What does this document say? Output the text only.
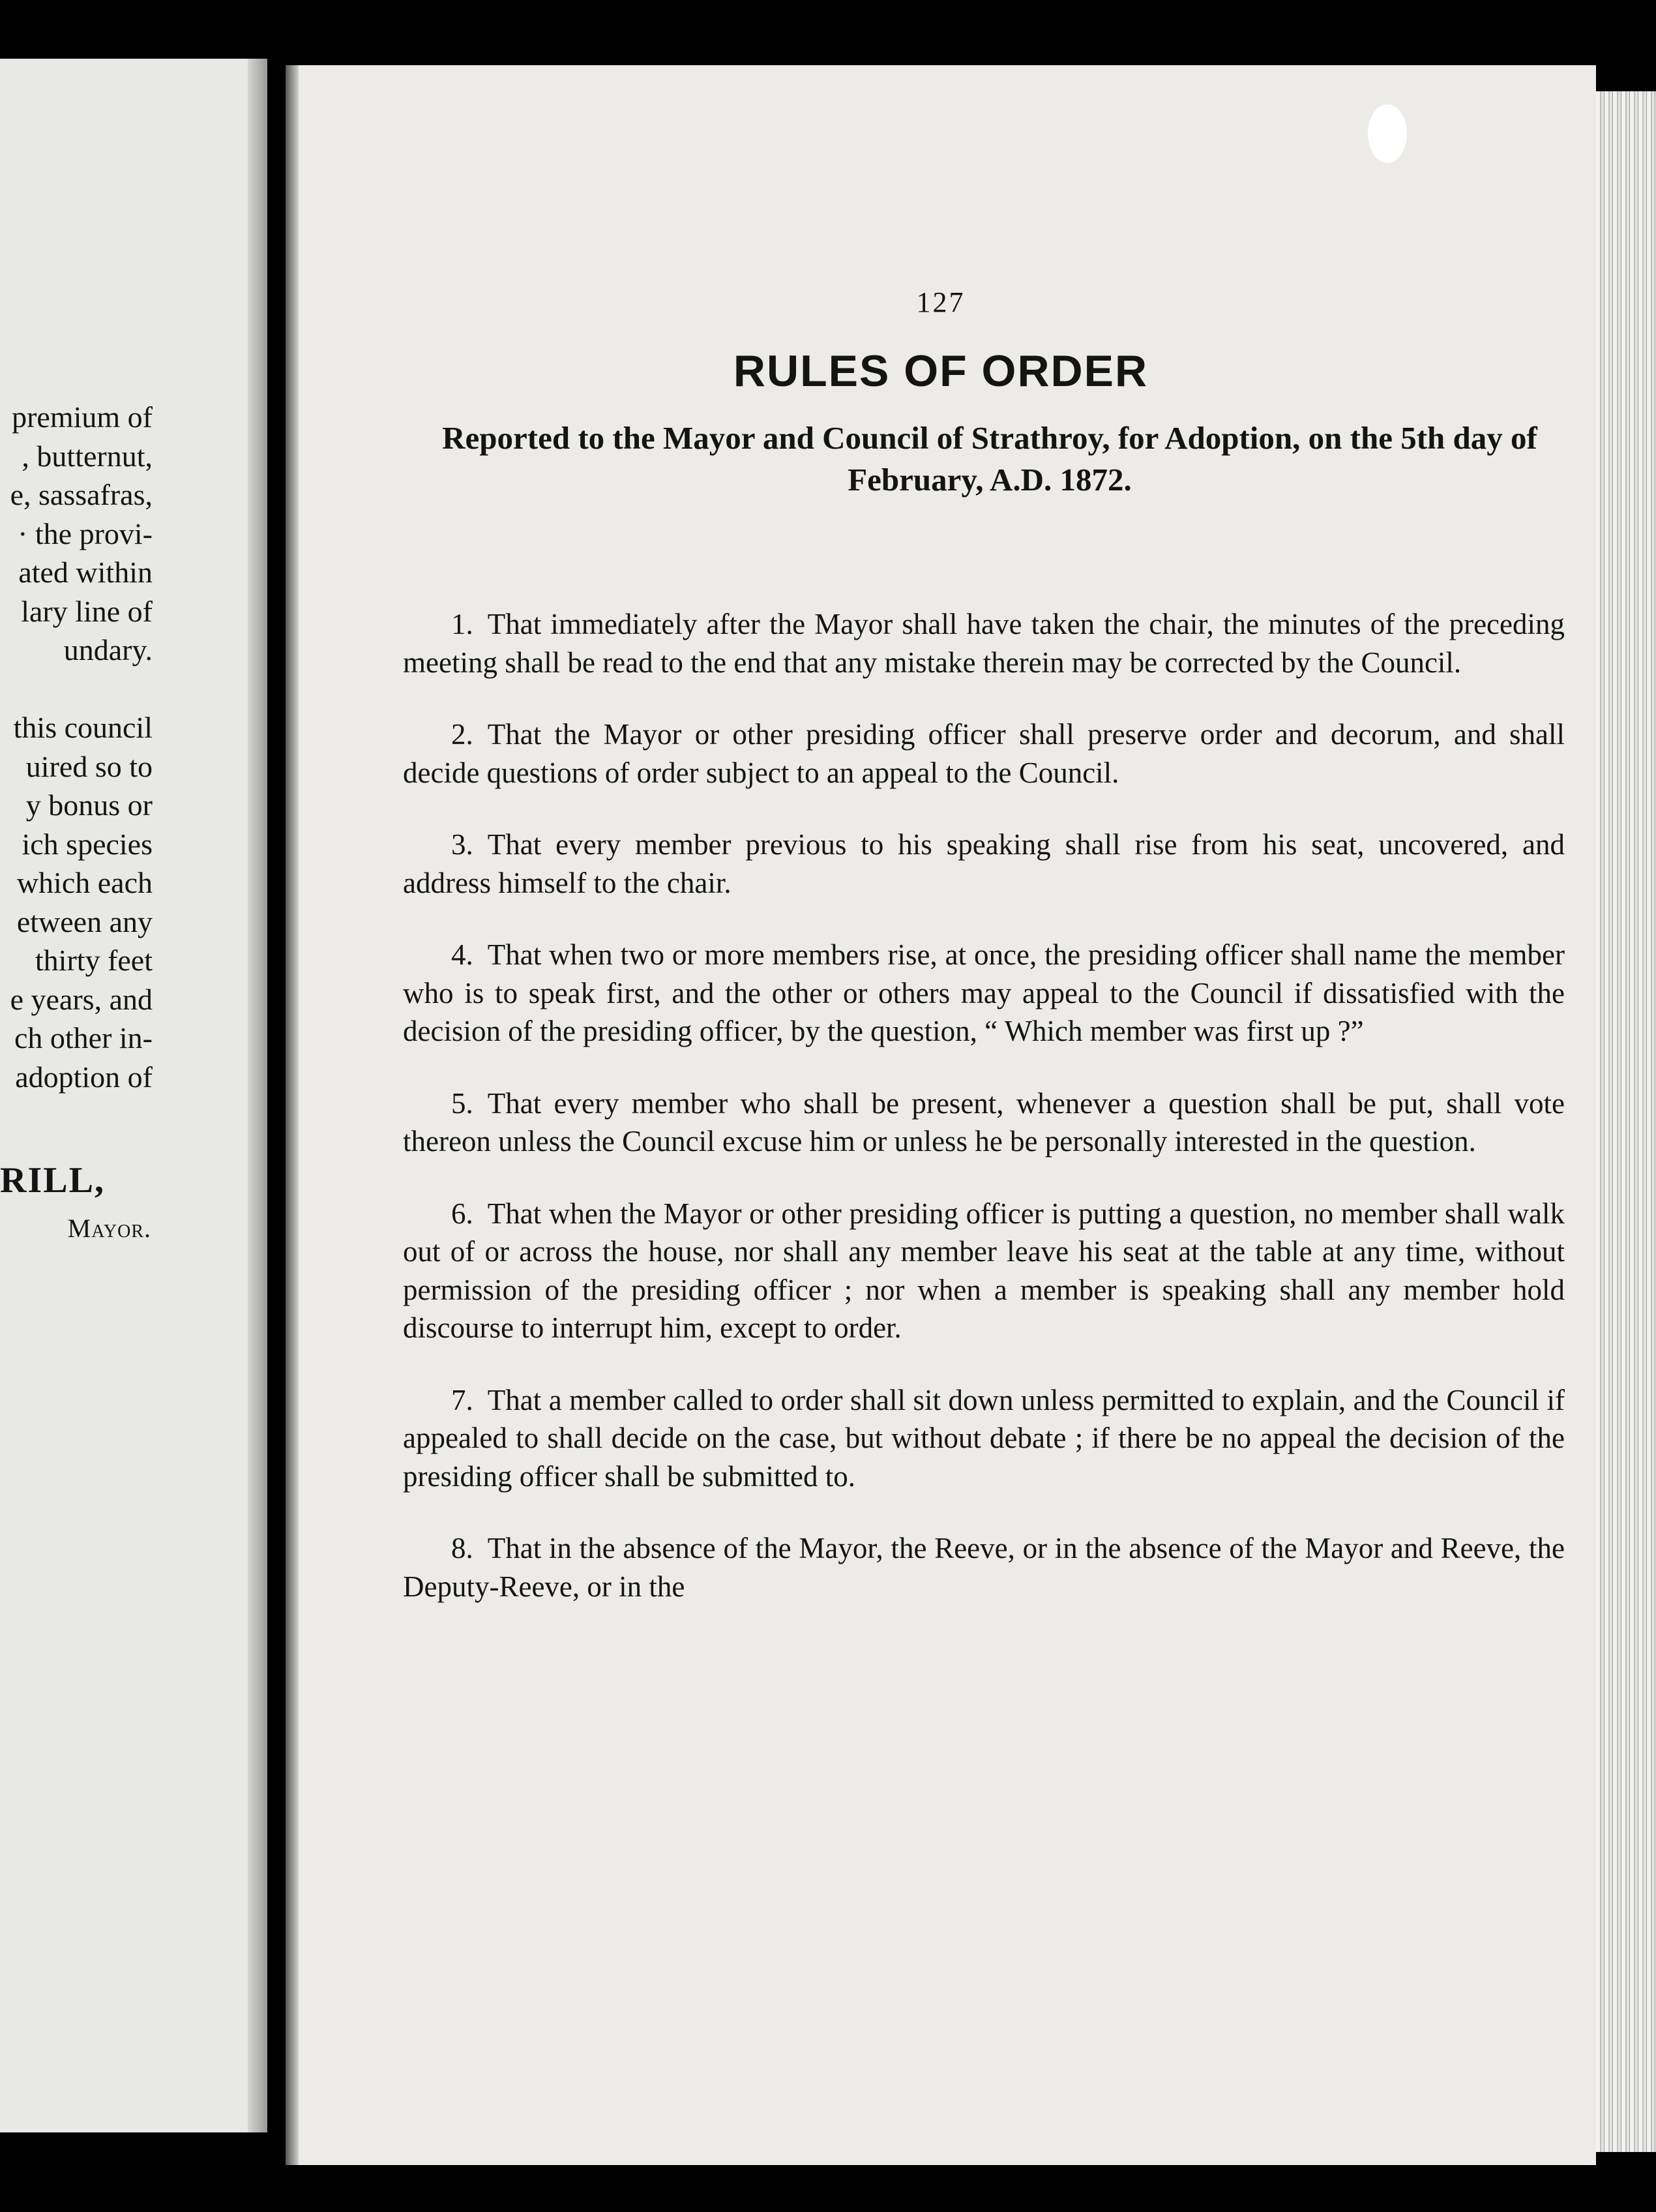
premium of
, butternut,
e, sassafras,
· the provi-
ated within
lary line of
undary.

this council
uired so to
y bonus or
ich species
which each
etween any
thirty feet
e years, and
ch other in-
adoption of
RILL,
Mayor.
127
RULES OF ORDER
Reported to the Mayor and Council of Strathroy, for Adoption, on the 5th day of February, A.D. 1872.

1. That immediately after the Mayor shall have taken the chair, the minutes of the preceding meeting shall be read to the end that any mistake therein may be corrected by the Council.

2. That the Mayor or other presiding officer shall preserve order and decorum, and shall decide questions of order subject to an appeal to the Council.

3. That every member previous to his speaking shall rise from his seat, uncovered, and address himself to the chair.

4. That when two or more members rise, at once, the presiding officer shall name the member who is to speak first, and the other or others may appeal to the Council if dissatisfied with the decision of the presiding officer, by the question, “ Which member was first up ?”

5. That every member who shall be present, whenever a question shall be put, shall vote thereon unless the Council excuse him or unless he be personally interested in the question.

6. That when the Mayor or other presiding officer is putting a question, no member shall walk out of or across the house, nor shall any member leave his seat at the table at any time, without permission of the presiding officer ; nor when a member is speaking shall any member hold discourse to interrupt him, except to order.

7. That a member called to order shall sit down unless permitted to explain, and the Council if appealed to shall decide on the case, but without debate ; if there be no appeal the decision of the presiding officer shall be submitted to.

8. That in the absence of the Mayor, the Reeve, or in the absence of the Mayor and Reeve, the Deputy-Reeve, or in the
